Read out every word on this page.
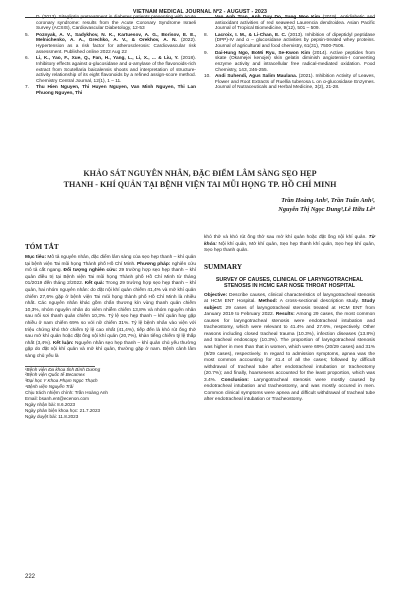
VIETNAM MEDICAL JOURNAL Nº2 - AUGUST - 2023
D. (2013). Sitagliptin pretreatment in diabetes patients presenting with acute coronary syndrome: results from the Acute Coronary Syndrome Israeli Survey (ACSIS), Cardiovascular Diabetology, 12-53
5.	Poznyak, A. V., Sadykhov, N. K., Kartuesov, A. G., Borisov, E. E., Melnichenko, A. A., Grechko, A. V., & Orekhov, A. N. (2022). Hypertension as a risk factor for atherosclerosis: Cardiovascular risk assessment. Published online 2022 Aug 22
6.	Li, K., Yao, F., Xue, Q., Fan, H., Yang, L., Li, X., ... & Liu, Y. (2018). Inhibitory effects against α-glucosidase and α-amylase of the flavonoids-rich extract from Scutellaria baicalensis shoots and interpretation of structure-activity relationship of its eight flavonoids by a refined assign-score method. Chemistry Central Journal, 12(1), 1 – 11.
7.	Thu Hien Nguyen, Thi Huyen Nguyen, Van Minh Nguyen, Thi Lan Phuong Nguyen, Thi
Van Anh Tran, Anh Duy Do, Sang Moo Kim (2019). Antidiabetic and antioxidant activities of red seaweed Laurencia dendroidea. Asian Pacific Journal of Tropical Biomedicine, 9(12), 501 – 509.
8.	Lacroix, I. M., & Li-Chan, E. C. (2013). Inhibition of dipeptidyl peptidase (DPP)-IV and α – glucosidase activities by pepsin-treated whey proteins. Journal of agricultural and food chemistry, 61(31), 7500-7506.
9.	Dai-Hung Ngo, BoMi Ryu, Se-Kwon Kim (2014). Active peptides from skate (Okamejei kenojei) skin gelatin diminish angiotensin-I converting enzyme activity and intracellular free radical-mediated oxidation. Food Chemistry, 143, 246-255.
10. Andi Suhendi, Agus Salim Maulana. (2021). Inhibition Activity of Leaves, Flower and Root Extracts of Ruellia tuberosa L on α-glucosidase Enzymes. Journal of Nutraceuticals and Herbal Medicine, 3(2), 21-28.

KHẢO SÁT NGUYÊN NHÂN, ĐẶC ĐIỂM LÂM SÀNG SẸO HẸP

THANH - KHÍ QUẢN TẠI BỆNH VIỆN TAI MŨI HỌNG TP. HỒ CHÍ MINH

Trần Hoàng Anh¹, Trần Tuấn Anh²,
Nguyễn Thị Ngọc Dung³,Lê Hữu Lễ⁴
TÓM TẮT

Mục tiêu: Mô tả nguyên nhân, đặc điểm lâm sàng của sẹo hẹp thanh – khí quản tại bệnh viện Tai mũi họng Thành phố Hồ Chí Minh. Phương pháp: nghiên cứu mô tả cắt ngang. Đối tượng nghiên cứu: 29 trường hợp sẹo hẹp thanh – khí quản điều trị tại Bệnh viện Tai mũi họng Thành phố Hồ Chí Minh từ tháng 01/2019 đến tháng 2/2022. Kết quả: Trong 29 trường hợp sẹo hẹp thanh – khí quản, hai nhóm nguyên nhân: do đặt nội khí quản chiếm 41,4% và mở khí quản chiếm 27,6% gặp ở bệnh viện Tai mũi họng thành phố Hồ Chí Minh là nhiều nhất. Các nguyên nhân khác gồm chấn thương kín vùng thanh quản chiếm 10,3%, nhóm nguyên nhân do viêm nhiễm chiếm 13,8% và nhóm nguyên nhân sau nối sơi thanh quản chiếm 10,3%. Tỷ lệ sẹo hẹp thanh – khí quản hay gặp nhiều ở nam chiếm 69% so với nữ chiếm 31%. Tỷ lệ bệnh nhân vào viện với triệu chứng khó thở chiếm tỷ lệ cao nhất (41,4%), tiếp đến là khó rút ống thở sau mở khí quản hoặc đặt ống nội khí quản (20,7%), khàn tiếng chiếm tỷ lệ thấp nhất (3,4%). Kết luận: Nguyên nhân sẹo hẹp thanh – khí quản chủ yếu thường gặp do đặt nội khí quản và mở khí quản, thường gặp ở nam. Bệnh cảnh lâm sàng chủ yếu là

¹Bệnh viện Đa khoa tỉnh Bình Dương

²Bệnh viện Quốc tế Becamex

³Đại học Y Khoa Phạm Ngọc Thạch

⁴Bệnh viện Nguyễn Trãi

Chịu trách nhiệm chính: Trần Hoàng Anh

Email: bsanh.ent@ecenon.com

Ngày nhận bài: 8.6.2023

Ngày phản biện khoa học: 21.7.2023

Ngày duyệt bài: 11.8.2023

khó thở và khó rút ống thở sau mở khí quản hoặc đặt ống nội khí quản. Từ khóa: Nội khí quản, Mở khí quản, Sẹo hẹp thanh khí quản, Sẹo hẹp khí quản, Sẹo hẹp thanh quản.

SUMMARY
SURVEY OF CAUSES, CLINICAL OF LARYNGOTRACHEAL STENOSIS IN HCMC EAR NOSE THROAT HOSPITAL

Objective: Describe causes, clinical characteristics of laryngotracheal stenosis at HCM ENT Hospital. Method: A cross-sectional description study. Study subject: 29 cases of laryngotracheal stenosis treated at HCM ENT from January 2019 to February 2022. Results: Among 29 cases, the most common causes for laryngotracheal stenosis were endotracheal intubation and tracheostomy, which were relevant to 41.4% and 27.6%, respectively. Other reasons including closed tracheal trauma (10.3%), infection diseases (13.8%) and tracheal endoscopy (10.3%). The proportion of laryngotracheal stenosis was higher in men than that in women, which were 69% (20/29 cases) and 31% (9/29 cases), respectively. In regard to admission symptoms, apnea was the most common accounting for 41.4 of all the cases; followed by difficult withdrawal of tracheal tube after endotracheal intubation or tracheotomy (20.7%); and finally, hoarseness accounted for the least proportion, which was 3.4%. Conclusion: Laryngotracheal stenosis were mostly caused by endotracheal intubation and tracheostomy, and was mostly occured in men. Common clinical symptoms were apnea and difficult withdrawal of tracheal tube after endotracheal intubation or Tracheostomy.

222
